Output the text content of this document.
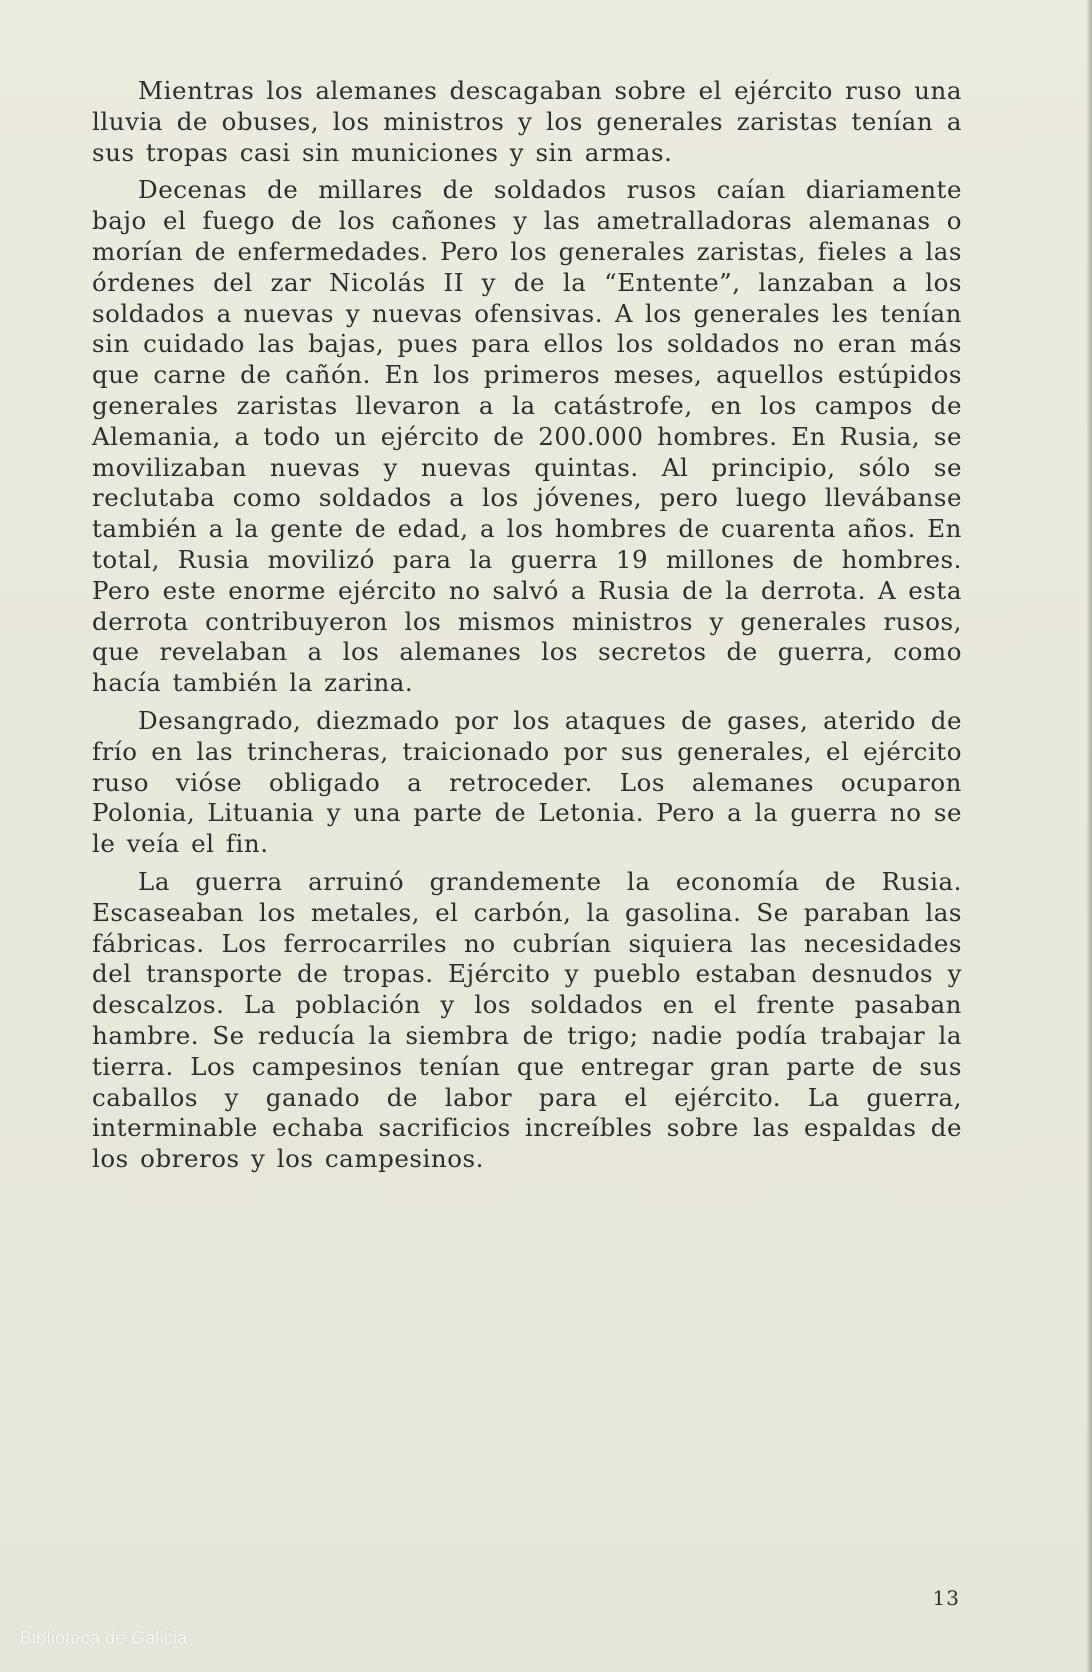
Mientras los alemanes descagaban sobre el ejército ruso una lluvia de obuses, los ministros y los generales zaristas tenían a sus tropas casi sin municiones y sin armas.

Decenas de millares de soldados rusos caían diariamente bajo el fuego de los cañones y las ametralladoras alemanas o morían de enfermedades. Pero los generales zaristas, fieles a las órdenes del zar Nicolás II y de la “Entente”, lanzaban a los soldados a nuevas y nuevas ofensivas. A los generales les tenían sin cuidado las bajas, pues para ellos los soldados no eran más que carne de cañón. En los primeros meses, aquellos estúpidos generales zaristas llevaron a la catástrofe, en los campos de Alemania, a todo un ejército de 200.000 hombres. En Rusia, se movilizaban nuevas y nuevas quintas. Al principio, sólo se reclutaba como soldados a los jóvenes, pero luego llevábanse también a la gente de edad, a los hombres de cuarenta años. En total, Rusia movilizó para la guerra 19 millones de hombres. Pero este enorme ejército no salvó a Rusia de la derrota. A esta derrota contribuyeron los mismos ministros y generales rusos, que revelaban a los alemanes los secretos de guerra, como hacía también la zarina.

Desangrado, diezmado por los ataques de gases, aterido de frío en las trincheras, traicionado por sus generales, el ejército ruso vióse obligado a retroceder. Los alemanes ocuparon Polonia, Lituania y una parte de Letonia. Pero a la guerra no se le veía el fin.

La guerra arruinó grandemente la economía de Rusia. Escaseaban los metales, el carbón, la gasolina. Se paraban las fábricas. Los ferrocarriles no cubrían siquiera las necesidades del transporte de tropas. Ejército y pueblo estaban desnudos y descalzos. La población y los soldados en el frente pasaban hambre. Se reducía la siembra de trigo; nadie podía trabajar la tierra. Los campesinos tenían que entregar gran parte de sus caballos y ganado de labor para el ejército. La guerra, interminable echaba sacrificios increíbles sobre las espaldas de los obreros y los campesinos.

13
Biblioteca de Galicia
